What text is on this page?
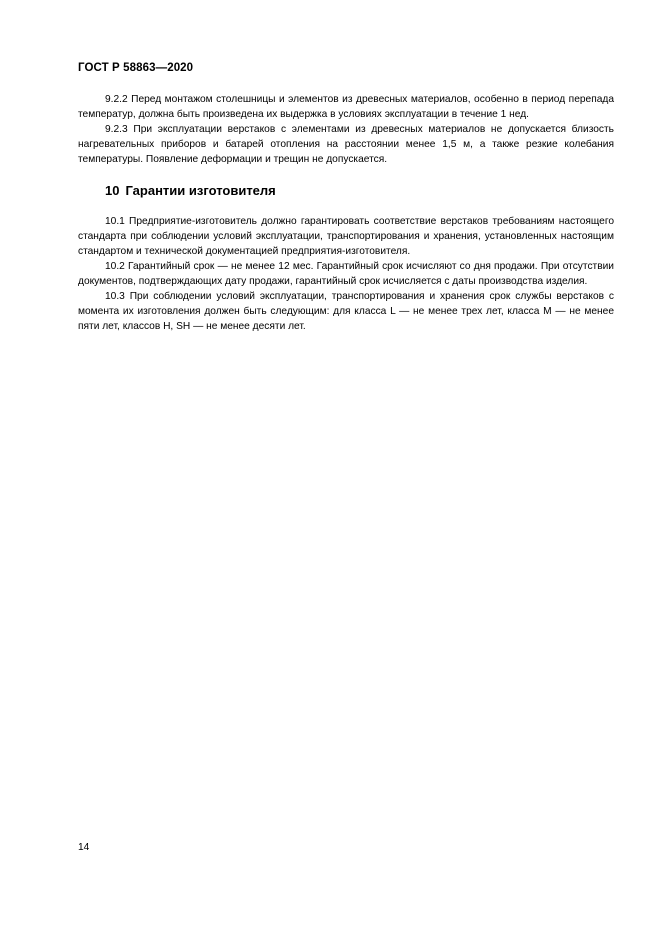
ГОСТ Р 58863—2020

9.2.2 Перед монтажом столешницы и элементов из древесных материалов, особенно в период перепада температур, должна быть произведена их выдержка в условиях эксплуатации в течение 1 нед.

9.2.3 При эксплуатации верстаков с элементами из древесных материалов не допускается близость нагревательных приборов и батарей отопления на расстоянии менее 1,5 м, а также резкие колебания температуры. Появление деформации и трещин не допускается.

10 Гарантии изготовителя

10.1 Предприятие-изготовитель должно гарантировать соответствие верстаков требованиям настоящего стандарта при соблюдении условий эксплуатации, транспортирования и хранения, установленных настоящим стандартом и технической документацией предприятия-изготовителя.

10.2 Гарантийный срок — не менее 12 мес. Гарантийный срок исчисляют со дня продажи. При отсутствии документов, подтверждающих дату продажи, гарантийный срок исчисляется с даты производства изделия.

10.3 При соблюдении условий эксплуатации, транспортирования и хранения срок службы верстаков с момента их изготовления должен быть следующим: для класса L — не менее трех лет, класса M — не менее пяти лет, классов H, SH — не менее десяти лет.

14
